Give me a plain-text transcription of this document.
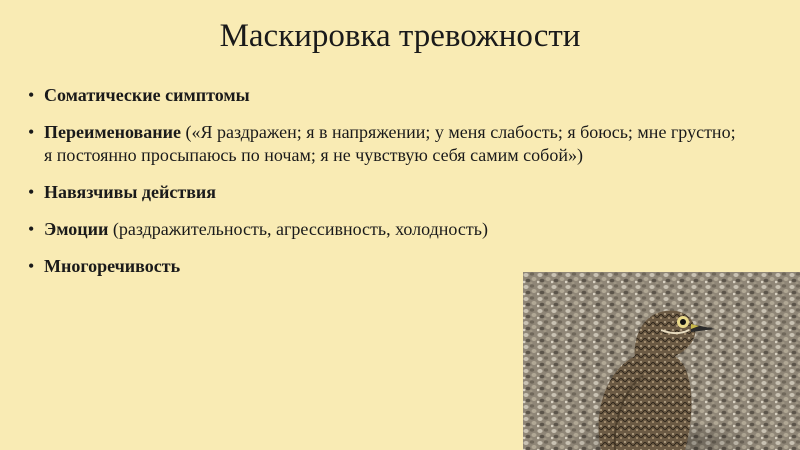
Маскировка тревожности
• Соматические симптомы
• Переименование («Я раздражен; я в напряжении; у меня слабость; я боюсь; мне грустно; я постоянно просыпаюсь по ночам; я не чувствую себя самим собой»)
• Навязчивы действия
• Эмоции (раздражительность, агрессивность, холодность)
• Многоречивость
